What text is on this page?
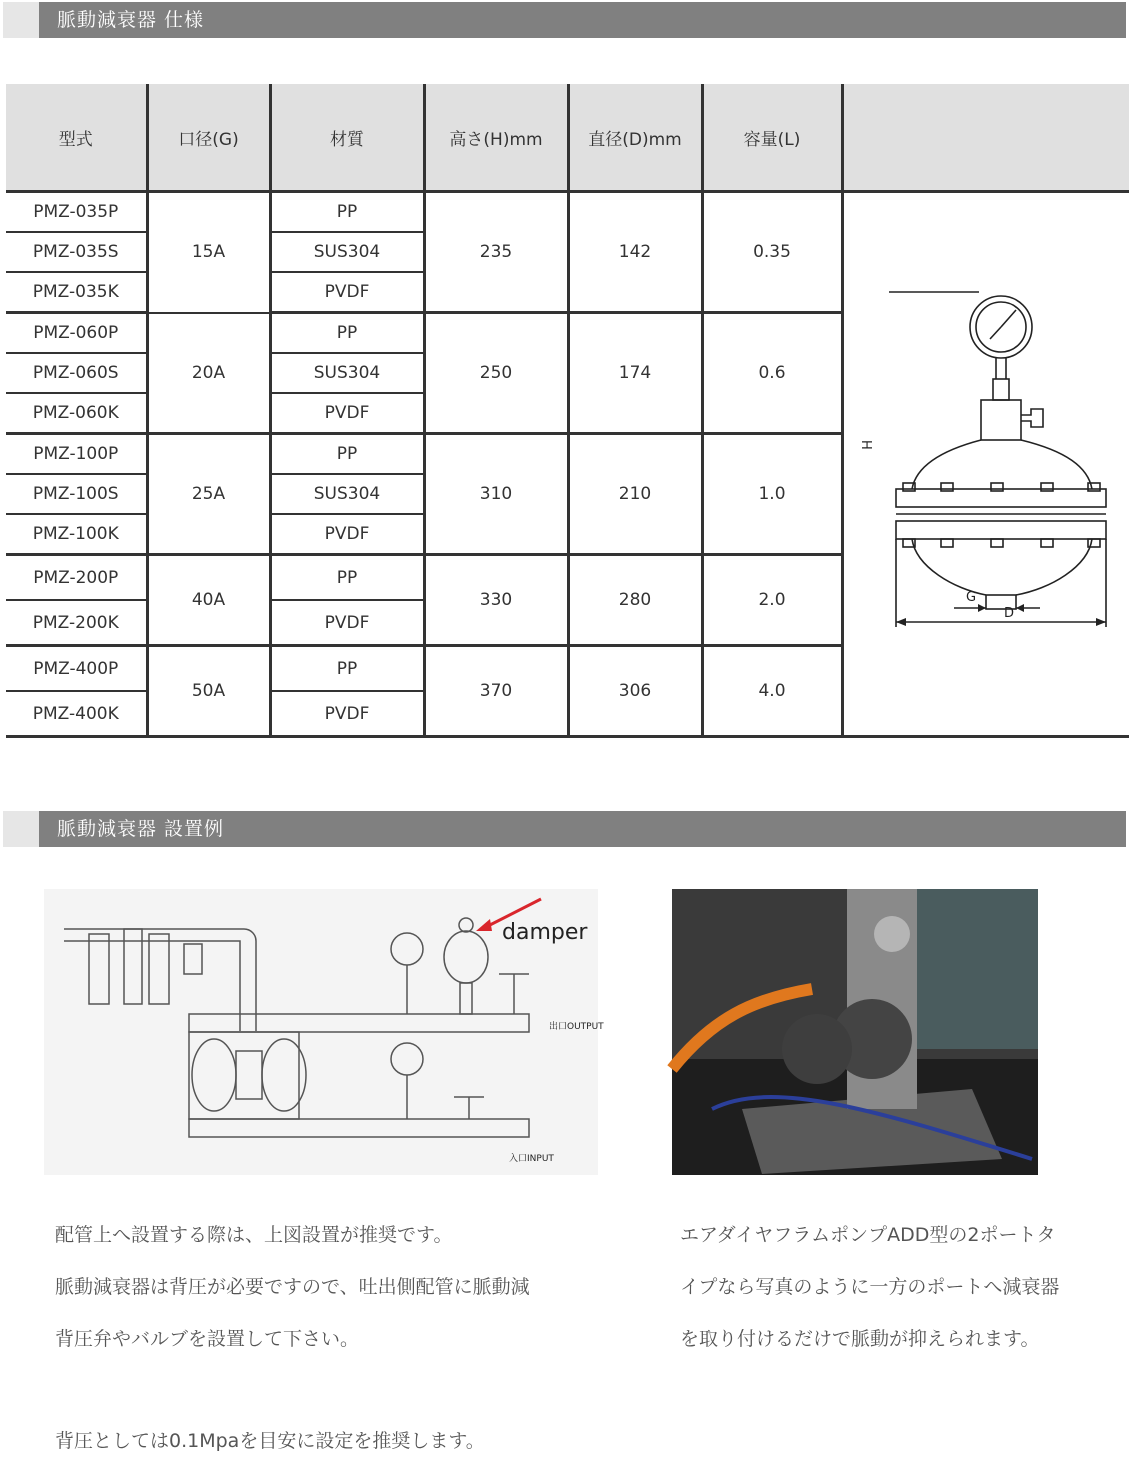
脈動減衰器 仕様
型式	口径(G)	材質	高さ(H)mm	直径(D)mm	容量(L)	
PMZ-035P	15A	PP	235	142	0.35	H
G
D

PMZ-035S		SUS304				
PMZ-035K		PVDF				
PMZ-060P	20A	PP	250	174	0.6	
PMZ-060S		SUS304				
PMZ-060K		PVDF				
PMZ-100P	25A	PP	310	210	1.0	
PMZ-100S		SUS304				
PMZ-100K		PVDF				
PMZ-200P	40A	PP	330	280	2.0	
PMZ-200K		PVDF				
PMZ-400P	50A	PP	370	306	4.0	
PMZ-400K		PVDF				
脈動減衰器 設置例
damper
出口OUTPUT
入口INPUT

配管上へ設置する際は、上図設置が推奨です。

脈動減衰器は背圧が必要ですので、吐出側配管に脈動減

背圧弁やバルブを設置して下さい。

背圧としては0.1Mpaを目安に設定を推奨します。

エアダイヤフラムポンプADD型の2ポートタ

イプなら写真のように一方のポートへ減衰器

を取り付けるだけで脈動が抑えられます。
